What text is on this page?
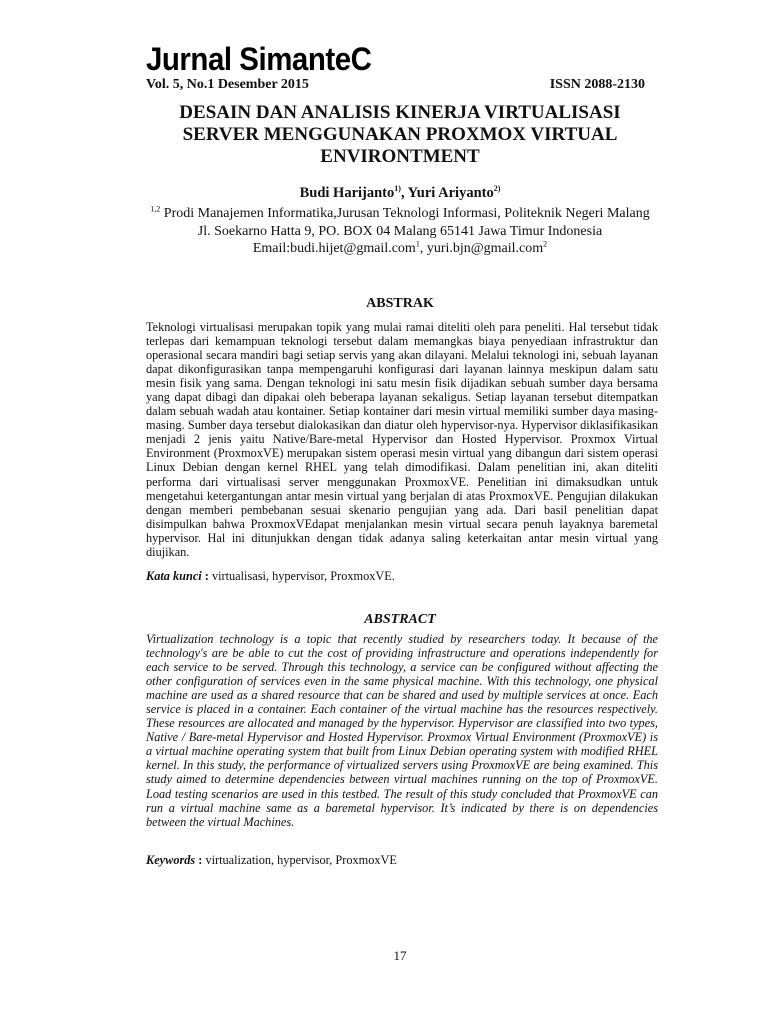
Jurnal SimanteC
Vol. 5, No.1 Desember 2015	ISSN 2088-2130
DESAIN DAN ANALISIS KINERJA VIRTUALISASI
SERVER MENGGUNAKAN PROXMOX VIRTUAL
ENVIRONTMENT
Budi Harijanto$^{1)}$, Yuri Ariyanto$^{2)}$
$^{1,2}$ Prodi Manajemen Informatika,Jurusan Teknologi Informasi, Politeknik Negeri Malang
Jl. Soekarno Hatta 9, PO. BOX 04 Malang 65141 Jawa Timur Indonesia
Email:budi.hijet@gmail.com$^1$, yuri.bjn@gmail.com$^2$
ABSTRAK

Teknologi virtualisasi merupakan topik yang mulai ramai diteliti oleh para peneliti. Hal tersebut tidak terlepas dari kemampuan teknologi tersebut dalam memangkas biaya penyediaan infrastruktur dan operasional secara mandiri bagi setiap servis yang akan dilayani. Melalui teknologi ini, sebuah layanan dapat dikonfigurasikan tanpa mempengaruhi konfigurasi dari layanan lainnya meskipun dalam satu mesin fisik yang sama. Dengan teknologi ini satu mesin fisik dijadikan sebuah sumber daya bersama yang dapat dibagi dan dipakai oleh beberapa layanan sekaligus. Setiap layanan tersebut ditempatkan dalam sebuah wadah atau kontainer. Setiap kontainer dari mesin virtual memiliki sumber daya masing-masing. Sumber daya tersebut dialokasikan dan diatur oleh hypervisor-nya. Hypervisor diklasifikasikan menjadi 2 jenis yaitu Native/Bare-metal Hypervisor dan Hosted Hypervisor. Proxmox Virtual Environment (ProxmoxVE) merupakan sistem operasi mesin virtual yang dibangun dari sistem operasi Linux Debian dengan kernel RHEL yang telah dimodifikasi. Dalam penelitian ini, akan diteliti performa dari virtualisasi server menggunakan ProxmoxVE. Penelitian ini dimaksudkan untuk mengetahui ketergantungan antar mesin virtual yang berjalan di atas ProxmoxVE. Pengujian dilakukan dengan memberi pembebanan sesuai skenario pengujian yang ada. Dari basil penelitian dapat disimpulkan bahwa ProxmoxVEdapat menjalankan mesin virtual secara penuh layaknya baremetal hypervisor. Hal ini ditunjukkan dengan tidak adanya saling keterkaitan antar mesin virtual yang diujikan.

Kata kunci : virtualisasi, hypervisor, ProxmoxVE.

ABSTRACT

Virtualization technology is a topic that recently studied by researchers today. It because of the technology's are be able to cut the cost of providing infrastructure and operations independently for each service to be served. Through this technology, a service can be configured without affecting the other configuration of services even in the same physical machine. With this technology, one physical machine are used as a shared resource that can be shared and used by multiple services at once. Each service is placed in a container. Each container of the virtual machine has the resources respectively. These resources are allocated and managed by the hypervisor. Hypervisor are classified into two types, Native / Bare-metal Hypervisor and Hosted Hypervisor. Proxmox Virtual Environment (ProxmoxVE) is a virtual machine operating system that built from Linux Debian operating system with modified RHEL kernel. In this study, the performance of virtualized servers using ProxmoxVE are being examined. This study aimed to determine dependencies between virtual machines running on the top of ProxmoxVE. Load testing scenarios are used in this testbed. The result of this study concluded that ProxmoxVE can run a virtual machine same as a baremetal hypervisor. It’s indicated by there is on dependencies between the virtual Machines.

Keywords : virtualization, hypervisor, ProxmoxVE

17
